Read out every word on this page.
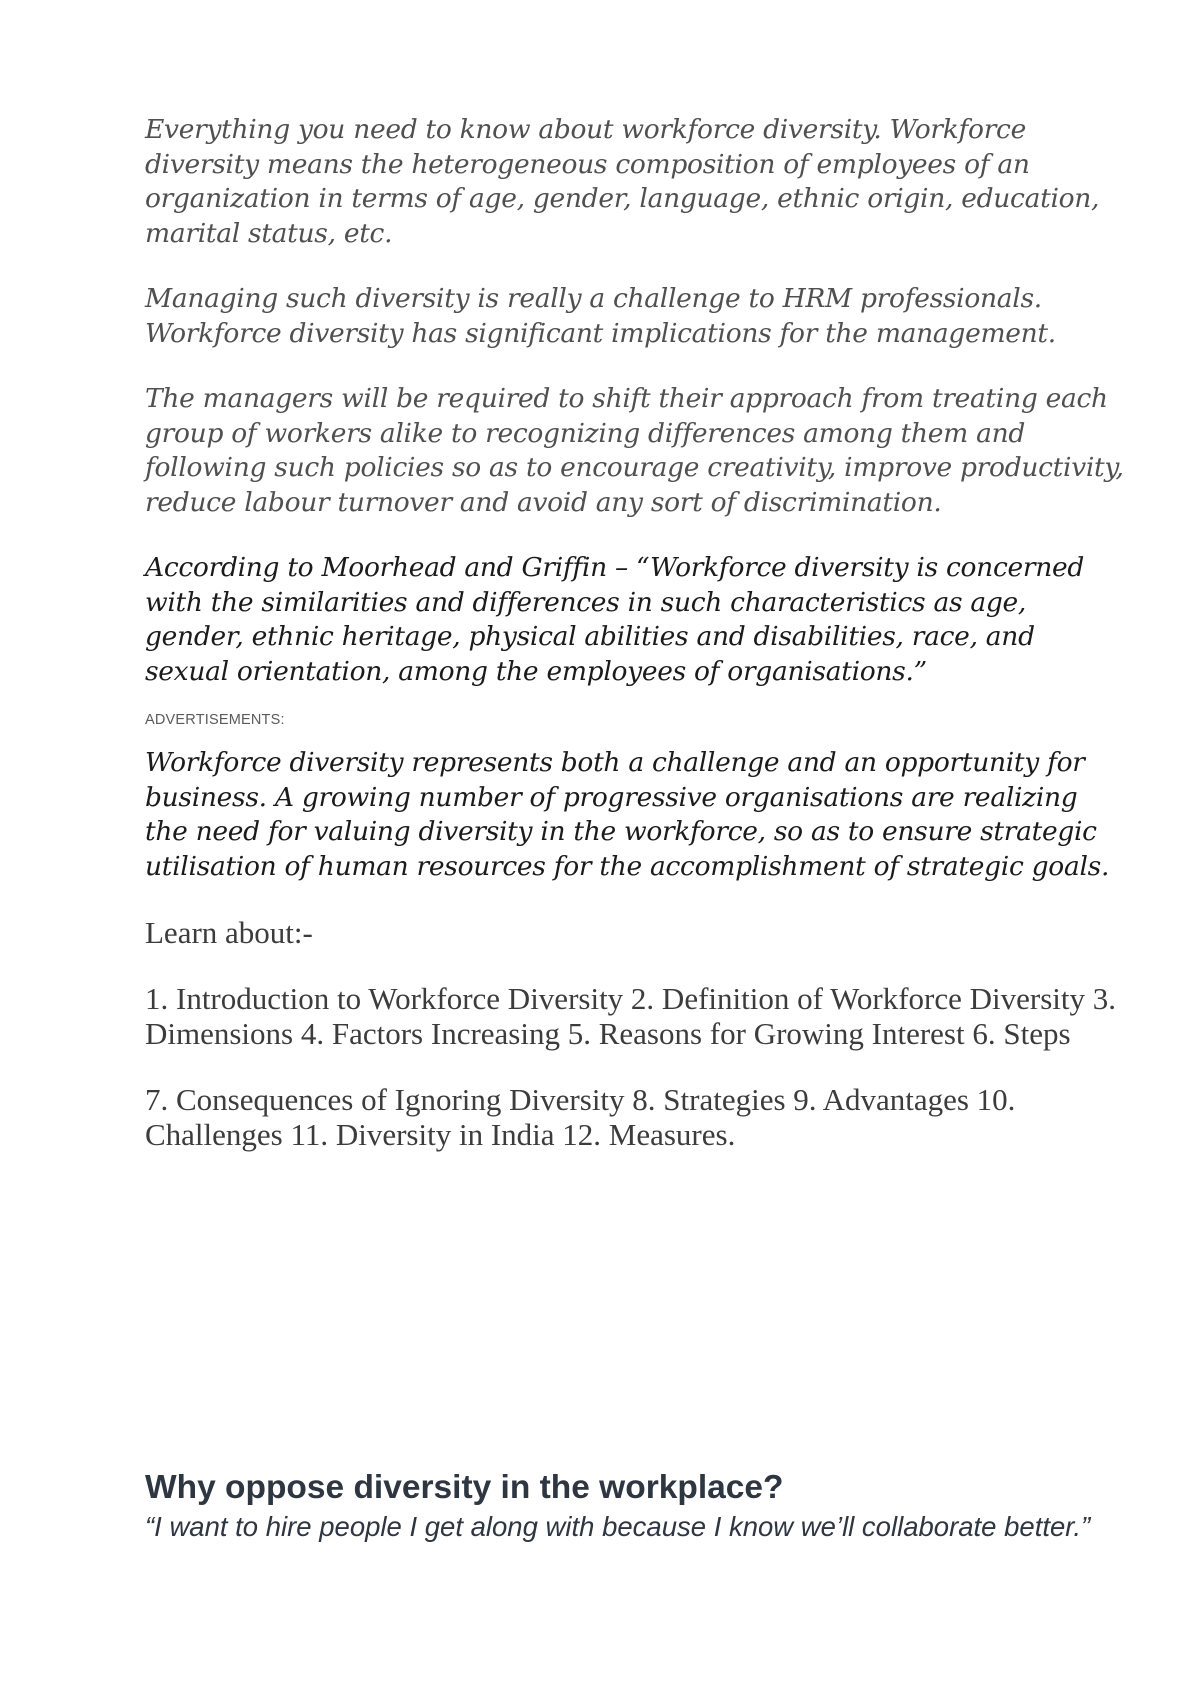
Everything you need to know about workforce diversity. Workforce diversity means the heterogeneous composition of employees of an organization in terms of age, gender, language, ethnic origin, education, marital status, etc.

Managing such diversity is really a challenge to HRM professionals. Workforce diversity has significant implications for the management.

The managers will be required to shift their approach from treating each group of workers alike to recognizing differences among them and following such policies so as to encourage creativity, improve productivity, reduce labour turnover and avoid any sort of discrimination.

According to Moorhead and Griffin – “Workforce diversity is concerned with the similarities and differences in such characteristics as age, gender, ethnic heritage, physical abilities and disabilities, race, and sexual orientation, among the employees of organisations.”

ADVERTISEMENTS:

Workforce diversity represents both a challenge and an opportunity for business. A growing number of progressive organisations are realizing the need for valuing diversity in the workforce, so as to ensure strategic utilisation of human resources for the accomplishment of strategic goals.

Learn about:-

1. Introduction to Workforce Diversity 2. Definition of Workforce Diversity 3. Dimensions 4. Factors Increasing 5. Reasons for Growing Interest 6. Steps

7. Consequences of Ignoring Diversity 8. Strategies 9. Advantages 10. Challenges 11. Diversity in India 12. Measures.

Why oppose diversity in the workplace?

“I want to hire people I get along with because I know we’ll collaborate better.”
